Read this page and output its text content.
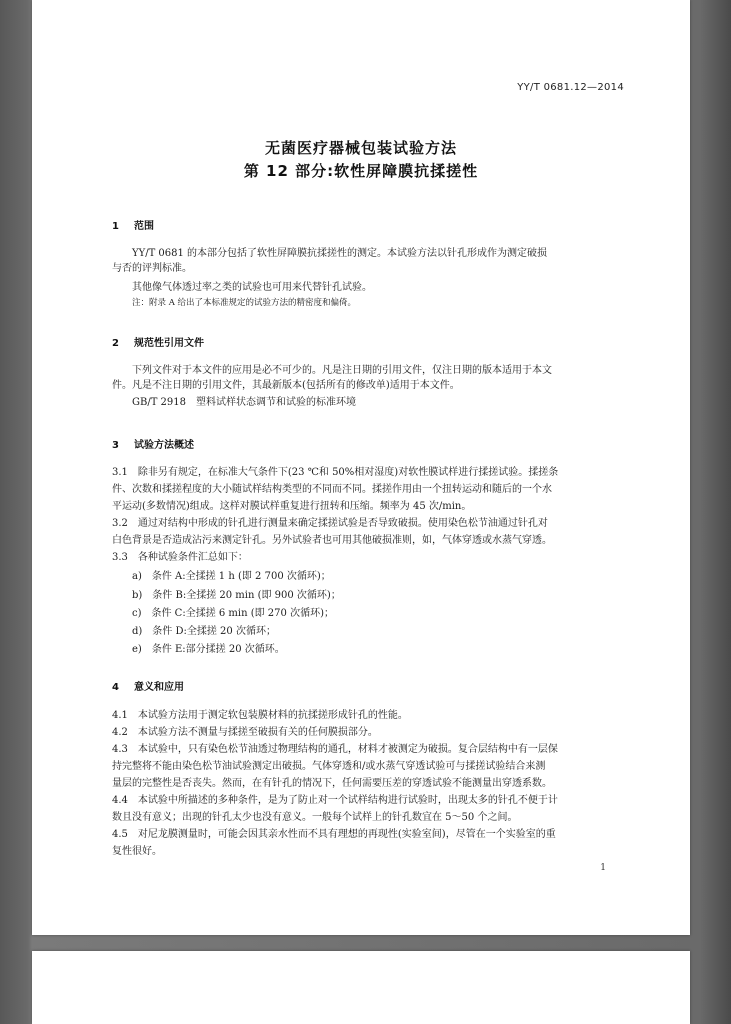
YY/T 0681.12—2014
无菌医疗器械包装试验方法
第 12 部分:软性屏障膜抗揉搓性
1 范围
YY/T 0681 的本部分包括了软性屏障膜抗揉搓性的测定。本试验方法以针孔形成作为测定破损
与否的评判标准。
其他像气体透过率之类的试验也可用来代替针孔试验。
注：附录 A 给出了本标准规定的试验方法的精密度和偏倚。
2 规范性引用文件
下列文件对于本文件的应用是必不可少的。凡是注日期的引用文件，仅注日期的版本适用于本文
件。凡是不注日期的引用文件，其最新版本(包括所有的修改单)适用于本文件。
GB/T 2918　塑料试样状态调节和试验的标准环境
3 试验方法概述
3.1　除非另有规定，在标准大气条件下(23 ℃和 50%相对湿度)对软性膜试样进行揉搓试验。揉搓条
件、次数和揉搓程度的大小随试样结构类型的不同而不同。揉搓作用由一个扭转运动和随后的一个水
平运动(多数情况)组成。这样对膜试样重复进行扭转和压缩。频率为 45 次/min。
3.2　通过对结构中形成的针孔进行测量来确定揉搓试验是否导致破损。使用染色松节油通过针孔对
白色背景是否造成沾污来测定针孔。另外试验者也可用其他破损准则，如，气体穿透或水蒸气穿透。
3.3　各种试验条件汇总如下：
a)　条件 A:全揉搓 1 h (即 2 700 次循环)；
b)　条件 B:全揉搓 20 min (即 900 次循环)；
c)　条件 C:全揉搓 6 min (即 270 次循环)；
d)　条件 D:全揉搓 20 次循环；
e)　条件 E:部分揉搓 20 次循环。
4 意义和应用
4.1　本试验方法用于测定软包装膜材料的抗揉搓形成针孔的性能。
4.2　本试验方法不测量与揉搓至破损有关的任何膜损部分。
4.3　本试验中，只有染色松节油透过物理结构的通孔，材料才被测定为破损。复合层结构中有一层保
持完整将不能由染色松节油试验测定出破损。气体穿透和/或水蒸气穿透试验可与揉搓试验结合来测
量层的完整性是否丧失。然而，在有针孔的情况下，任何需要压差的穿透试验不能测量出穿透系数。
4.4　本试验中所描述的多种条件，是为了防止对一个试样结构进行试验时，出现太多的针孔不便于计
数且没有意义；出现的针孔太少也没有意义。一般每个试样上的针孔数宜在 5～50 个之间。
4.5　对尼龙膜测量时，可能会因其亲水性而不具有理想的再现性(实验室间)，尽管在一个实验室的重
复性很好。
1
